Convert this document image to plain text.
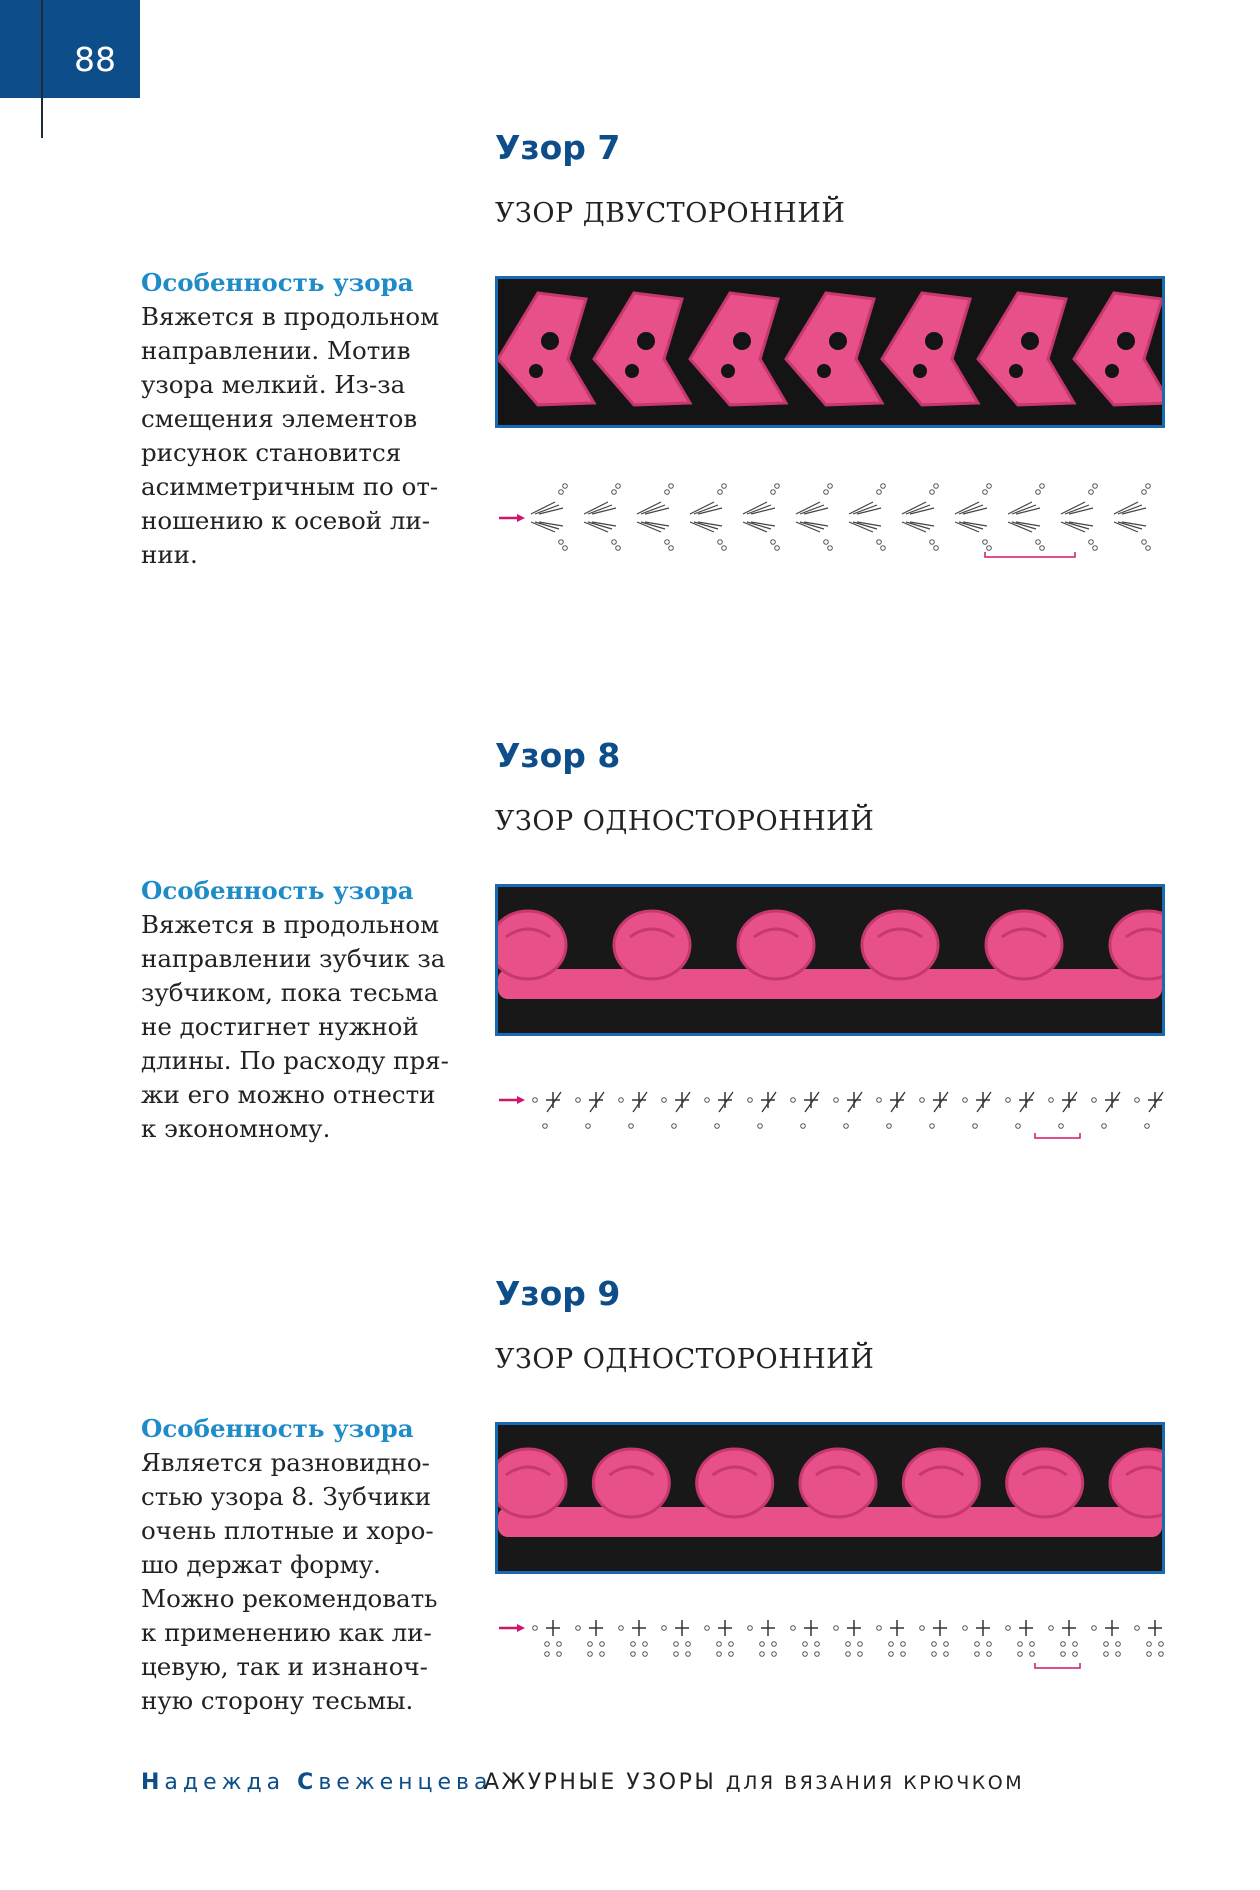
88
Узор 7
УЗОР ДВУСТОРОННИЙ
Особенность узора
Вяжется в продольном
направлении. Мотив
узора мелкий. Из-за
смещения элементов
рисунок становится
асимметричным по от-
ношению к осевой ли-
нии.
Узор 8
УЗОР ОДНОСТОРОННИЙ
Особенность узора
Вяжется в продольном
направлении зубчик за
зубчиком, пока тесьма
не достигнет нужной
длины. По расходу пря-
жи его можно отнести
к экономному.
Узор 9
УЗОР ОДНОСТОРОННИЙ
Особенность узора
Является разновидно-
стью узора 8. Зубчики
очень плотные и хоро-
шо держат форму.
Можно рекомендовать
к применению как ли-
цевую, так и изнаноч-
ную сторону тесьмы.
Надежда Свеженцева
АЖУРНЫЕ УЗОРЫ ДЛЯ ВЯЗАНИЯ КРЮЧКОМ
